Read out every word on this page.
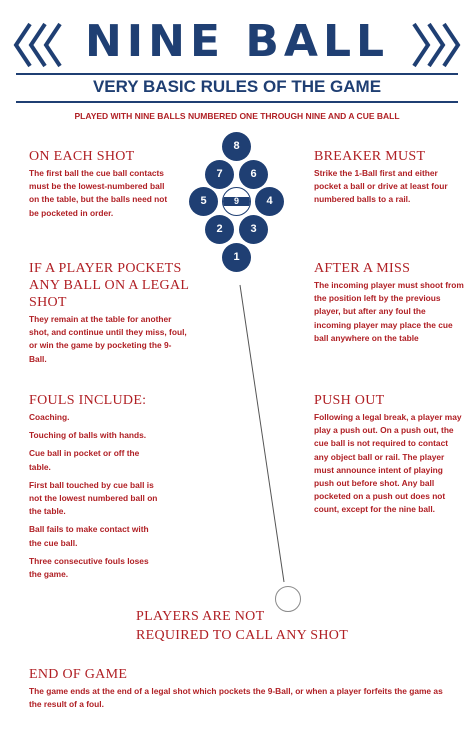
NINE BALL
VERY BASIC RULES OF THE GAME
PLAYED WITH NINE BALLS NUMBERED ONE THROUGH NINE AND A CUE BALL
8
7	6
5	9	4
2	3
1
ON EACH SHOT
The first ball the cue ball contacts must be the lowest-numbered ball on the table, but the balls need not be pocketed in order.
IF A PLAYER POCKETS ANY BALL ON A LEGAL SHOT
They remain at the table for another shot, and continue until they miss, foul, or win the game by pocketing the 9-Ball.
FOULS INCLUDE:

Coaching.

Touching of balls with hands.

Cue ball in pocket or off the table.

First ball touched by cue ball is not the lowest numbered ball on the table.

Ball fails to make contact with the cue ball.

Three consecutive fouls loses the game.

BREAKER MUST
Strike the 1-Ball first and either pocket a ball or drive at least four numbered balls to a rail.
AFTER A MISS
The incoming player must shoot from the position left by the previous player, but after any foul the incoming player may place the cue ball anywhere on the table
PUSH OUT
Following a legal break, a player may play a push out. On a push out, the cue ball is not required to contact any object ball or rail. The player must announce intent of playing push out before shot. Any ball pocketed on a push out does not count, except for the nine ball.
PLAYERS ARE NOT
REQUIRED TO CALL ANY SHOT
END OF GAME
The game ends at the end of a legal shot which pockets the 9-Ball, or when a player forfeits the game as the result of a foul.
